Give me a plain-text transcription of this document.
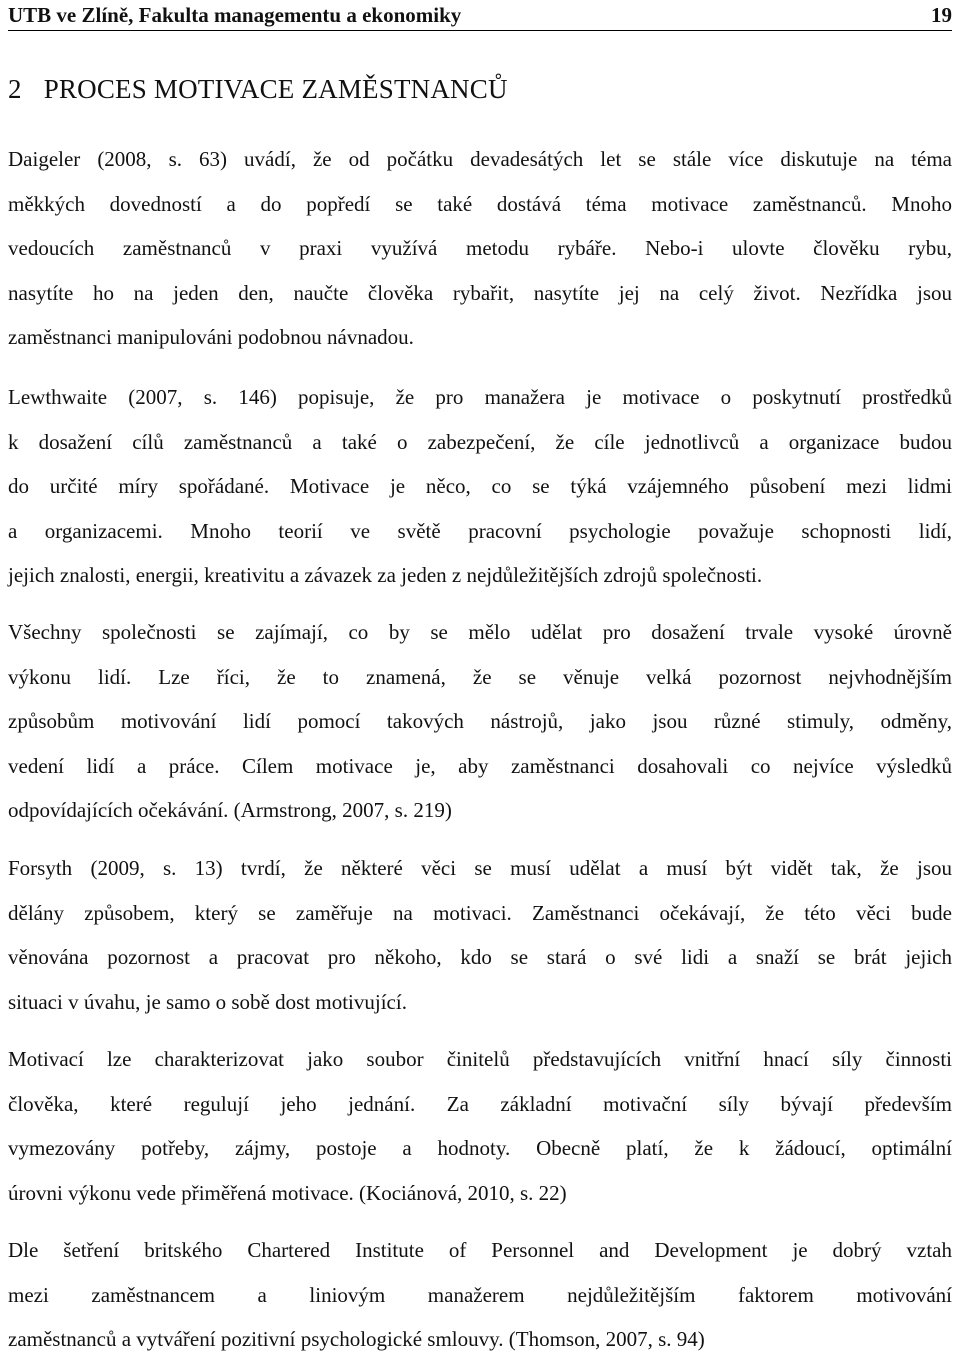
UTB ve Zlíně, Fakulta managementu a ekonomiky	19
2 PROCES MOTIVACE ZAMĚSTNANCŮ
Daigeler (2008, s. 63) uvádí, že od počátku devadesátých let se stále více diskutuje na téma
měkkých dovedností a do popředí se také dostává téma motivace zaměstnanců. Mnoho
vedoucích zaměstnanců v praxi využívá metodu rybáře. Nebo-i ulovte člověku rybu,
nasytíte ho na jeden den, naučte člověka rybařit, nasytíte jej na celý život. Nezřídka jsou
zaměstnanci manipulováni podobnou návnadou.
Lewthwaite (2007, s. 146) popisuje, že pro manažera je motivace o poskytnutí prostředků
k dosažení cílů zaměstnanců a také o zabezpečení, že cíle jednotlivců a organizace budou
do určité míry spořádané. Motivace je něco, co se týká vzájemného působení mezi lidmi
a organizacemi. Mnoho teorií ve světě pracovní psychologie považuje schopnosti lidí,
jejich znalosti, energii, kreativitu a závazek za jeden z nejdůležitějších zdrojů společnosti.
Všechny společnosti se zajímají, co by se mělo udělat pro dosažení trvale vysoké úrovně
výkonu lidí. Lze říci, že to znamená, že se věnuje velká pozornost nejvhodnějším
způsobům motivování lidí pomocí takových nástrojů, jako jsou různé stimuly, odměny,
vedení lidí a práce. Cílem motivace je, aby zaměstnanci dosahovali co nejvíce výsledků
odpovídajících očekávání. (Armstrong, 2007, s. 219)
Forsyth (2009, s. 13) tvrdí, že některé věci se musí udělat a musí být vidět tak, že jsou
dělány způsobem, který se zaměřuje na motivaci. Zaměstnanci očekávají, že této věci bude
věnována pozornost a pracovat pro někoho, kdo se stará o své lidi a snaží se brát jejich
situaci v úvahu, je samo o sobě dost motivující.
Motivací lze charakterizovat jako soubor činitelů představujících vnitřní hnací síly činnosti
člověka, které regulují jeho jednání. Za základní motivační síly bývají především
vymezovány potřeby, zájmy, postoje a hodnoty. Obecně platí, že k žádoucí, optimální
úrovni výkonu vede přiměřená motivace. (Kociánová, 2010, s. 22)
Dle šetření britského Chartered Institute of Personnel and Development je dobrý vztah
mezi zaměstnancem a liniovým manažerem nejdůležitějším faktorem motivování
zaměstnanců a vytváření pozitivní psychologické smlouvy. (Thomson, 2007, s. 94)
